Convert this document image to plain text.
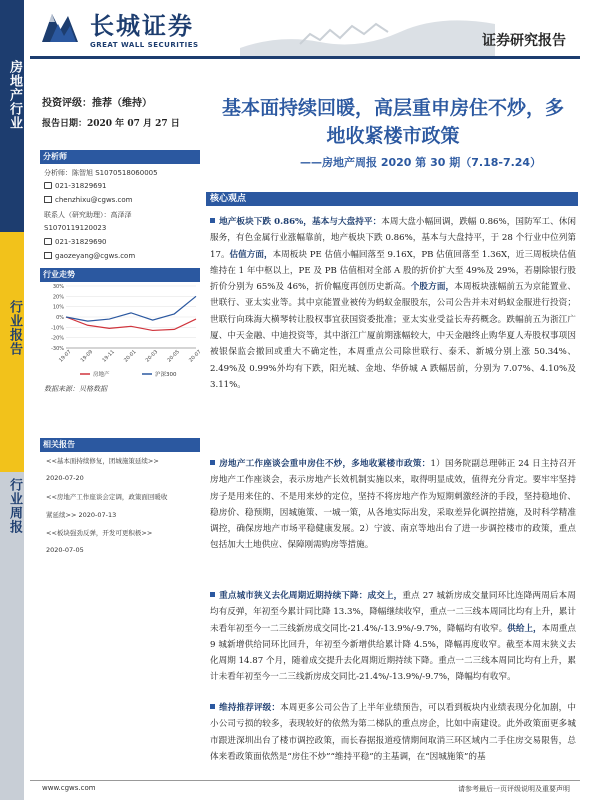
房地产行业
行业报告
行业周报
长城证券
GREAT WALL SECURITIES	证券研究报告
投资评级：推荐（维持）
报告日期：2020 年 07 月 27 日
分析师
分析师：陈智旭 S1070518060005
021-31829691
chenzhixu@cgws.com
联系人（研究助理）：高泽泽
S1070119120023
021-31829690
gaozeyang@cgws.com
行业走势
30%
20%
10%
0%
-10%
-20%
-30%
19-07 19-09 19-11 20-01 20-03 20-05 20-07
房地产	沪深300
数据来源：贝格数据
相关报告
<<基本面持续修复，团城施策延续>>
2020-07-20
<<房地产工作座谈会定调，政策面回暖收
紧延续>> 2020-07-13
<<板块强劲反弹，开发可更积极>>
2020-07-05
基本面持续回暖，高层重申房住不炒，多地收紧楼市政策
——房地产周报 2020 第 30 期（7.18-7.24）
核心观点
地产板块下跌 0.86%，基本与大盘持平：本周大盘小幅回调，跌幅 0.86%，国防军工、休闲服务，有色金属行业涨幅靠前，地产板块下跌 0.86%，基本与大盘持平，于 28 个行业中位列第 17。估值方面，本周板块 PE 估值小幅回落至 9.16X，PB 估值回落至 1.36X，近三周板块估值维持在 1 年中枢以上，PE 及 PB 估值相对全部 A 股的折价扩大至 49%及 29%，若剔除银行股折价分别为 65%及 46%，折价幅度再创历史新高。个股方面，本周板块涨幅前五为京能置业、世联行、亚太实业等。其中京能置业被传为蚂蚁金服股东，公司公告并未对蚂蚁金服进行投资；世联行向珠海大横琴转让股权事宜获国资委批准；亚太实业受益长寿药概念。跌幅前五为浙江广厦、中天金融、中迪投资等，其中浙江广厦前期涨幅较大，中天金融终止购华夏人寿股权事项因被银保监会撤回或重大不确定性，本周重点公司除世联行、泰禾、新城分别上涨 50.34%、2.49%及 0.99%外均有下跌，阳光城、金地、华侨城 A 跌幅居前，分别为 7.07%、4.10%及 3.11%。
房地产工作座谈会重申房住不炒，多地收紧楼市政策：1）国务院副总理韩正 24 日主持召开房地产工作座谈会，表示房地产长效机制实施以来，取得明显成效，值得充分肯定。要牢牢坚持房子是用来住的、不是用来炒的定位，坚持不将房地产作为短期刺激经济的手段，坚持稳地价、稳房价、稳预期，因城施策、一城一策，从各地实际出发，采取差异化调控措施，及时科学精准调控，确保房地产市场平稳健康发展。2）宁波、南京等地出台了进一步调控楼市的政策，重点包括加大土地供应、保障刚需购房等措施。
重点城市狭义去化周期近期持续下降：成交上，重点 27 城新房成交量同环比连降两周后本周均有反弹，年初至今累计同比降 13.3%，降幅继续收窄，重点一二三线本周同比均有上升，累计未看年初至今一二三线新房成交同比-21.4%/-13.9%/-9.7%，降幅均有收窄。供给上，本周重点 9 城新增供给同环比回升，年初至今新增供给累计降 4.5%，降幅再度收窄。截至本周末狭义去化周期 14.87 个月，随着成交提升去化周期近期持续下降。重点一二三线本周同比均有上升，累计未看年初至今一二三线新房成交同比-21.4%/-13.9%/-9.7%，降幅均有收窄。
维持推荐评级：本周更多公司公告了上半年业绩预告，可以看到板块内业绩表现分化加剧，中小公司亏损的较多，表现较好的依然为第二梯队的重点房企，比如中南建设。此外政策面更多城市跟进深圳出台了楼市调控政策，而长春据报道疫情期间取消三环区域内二手住房交易限售，总体来看政策面依然是“房住不炒”“维持平稳”的主基调，在“因城施策”的基
www.cgws.com	请参考最后一页评级说明及重要声明
